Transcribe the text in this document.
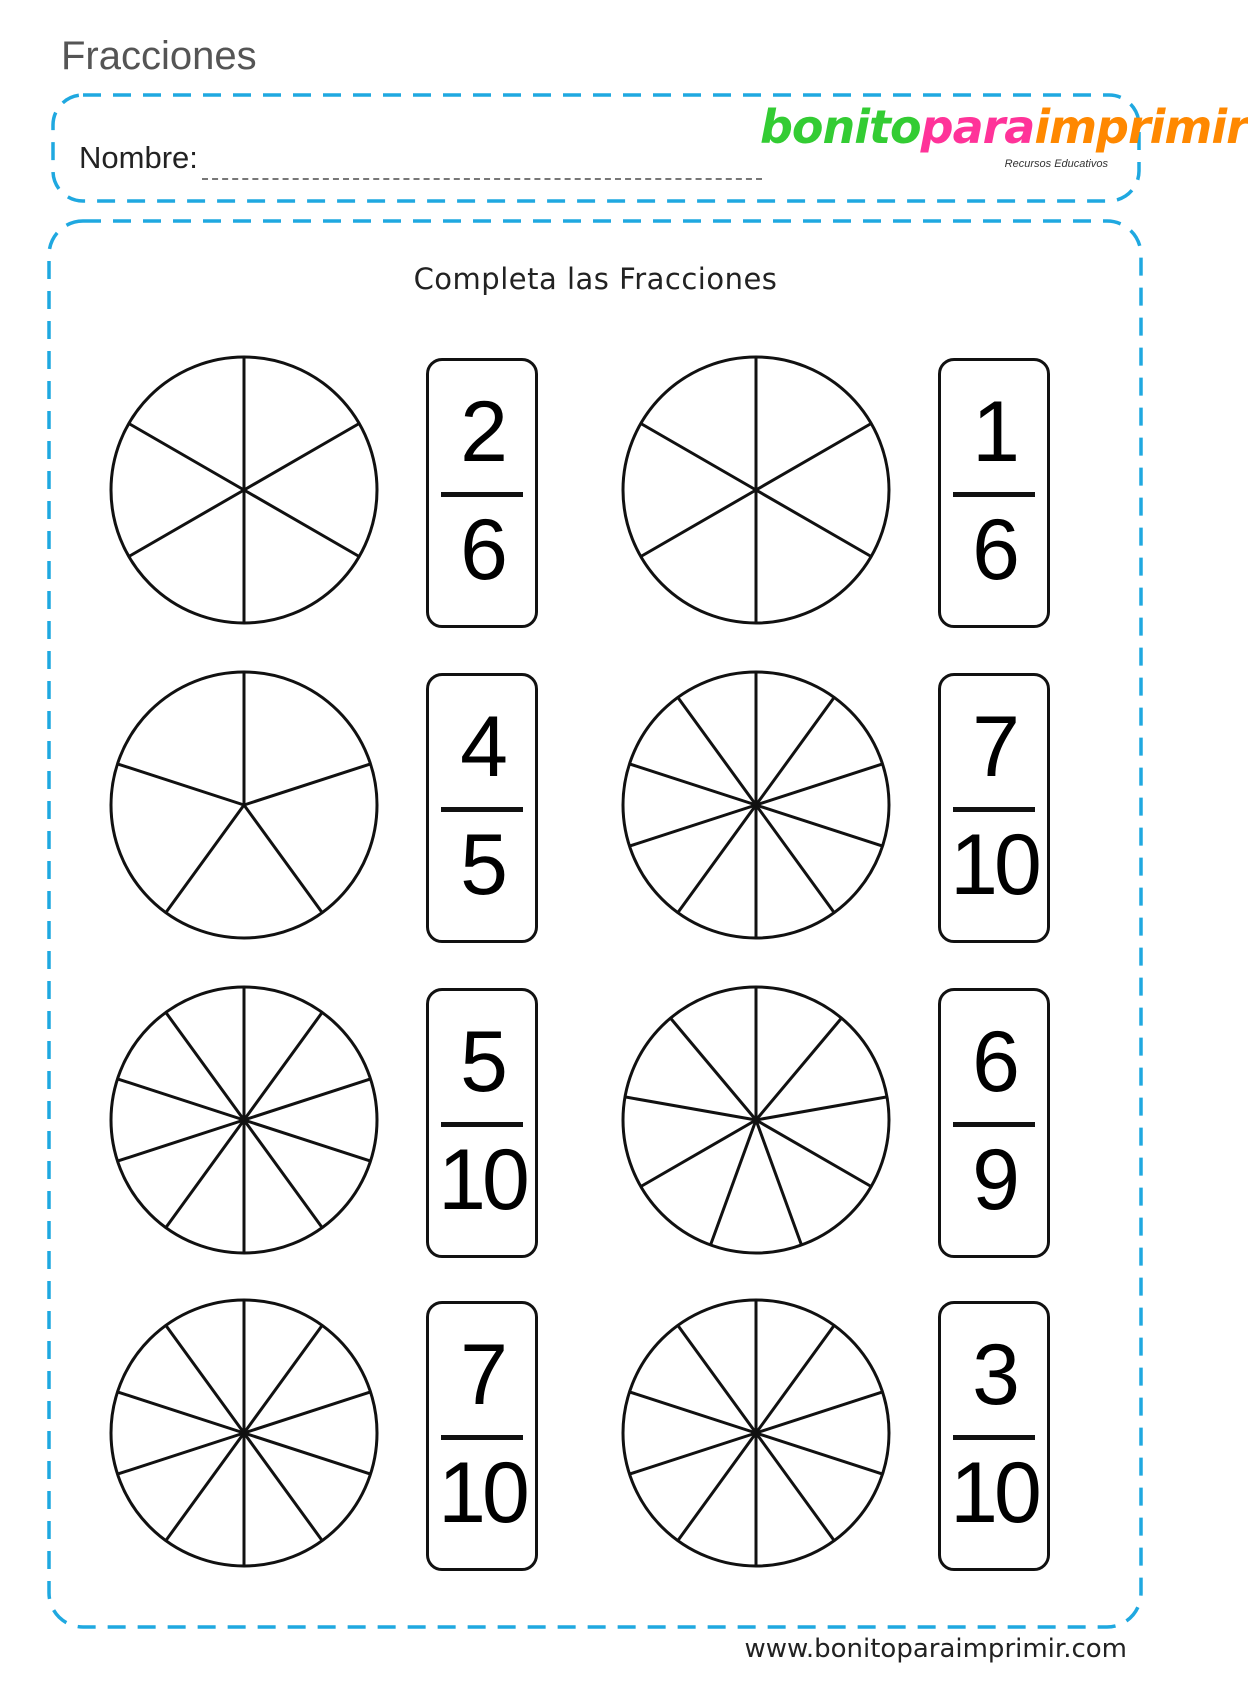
Fracciones
Nombre:
bonitoparaimprimir
Recursos Educativos
Completa las Fracciones
2
6
1
6
4
5
7
10
5
10
6
9
7
10
3
10
www.bonitoparaimprimir.com
